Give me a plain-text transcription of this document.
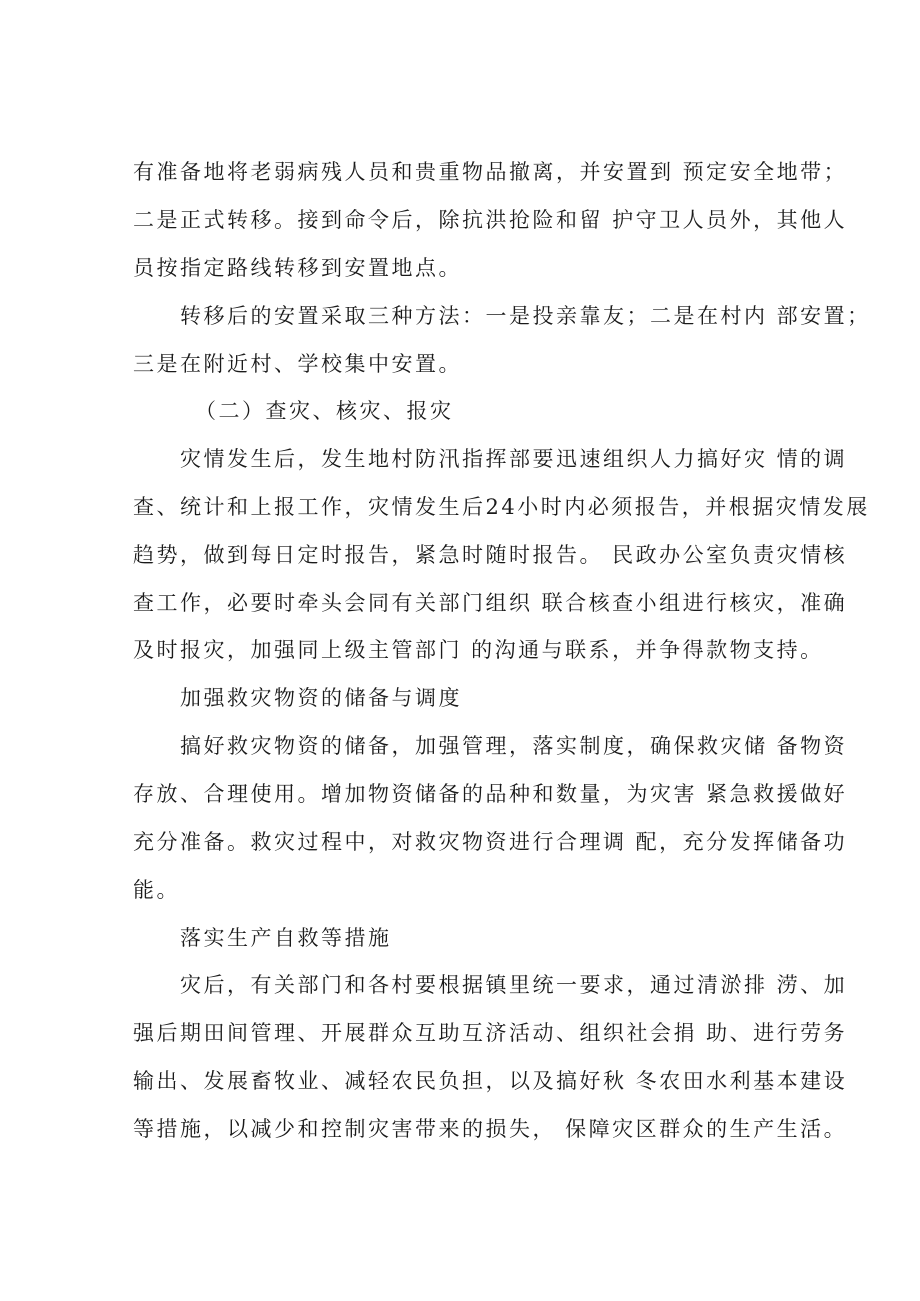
有准备地将老弱病残人员和贵重物品撤离，并安置到 预定安全地带；

二是正式转移。接到命令后，除抗洪抢险和留 护守卫人员外，其他人

员按指定路线转移到安置地点。

转移后的安置采取三种方法：一是投亲靠友；二是在村内 部安置；

三是在附近村、学校集中安置。

（二）查灾、核灾、报灾

灾情发生后，发生地村防汛指挥部要迅速组织人力搞好灾 情的调

查、统计和上报工作，灾情发生后24小时内必须报告，并根据灾情发展

趋势，做到每日定时报告，紧急时随时报告。 民政办公室负责灾情核

查工作，必要时牵头会同有关部门组织 联合核查小组进行核灾，准确

及时报灾，加强同上级主管部门 的沟通与联系，并争得款物支持。

加强救灾物资的储备与调度

搞好救灾物资的储备，加强管理，落实制度，确保救灾储 备物资

存放、合理使用。增加物资储备的品种和数量，为灾害 紧急救援做好

充分准备。救灾过程中，对救灾物资进行合理调 配，充分发挥储备功

能。

落实生产自救等措施

灾后，有关部门和各村要根据镇里统一要求，通过清淤排 涝、加

强后期田间管理、开展群众互助互济活动、组织社会捐 助、进行劳务

输出、发展畜牧业、减轻农民负担，以及搞好秋 冬农田水利基本建设

等措施，以减少和控制灾害带来的损失， 保障灾区群众的生产生活。
